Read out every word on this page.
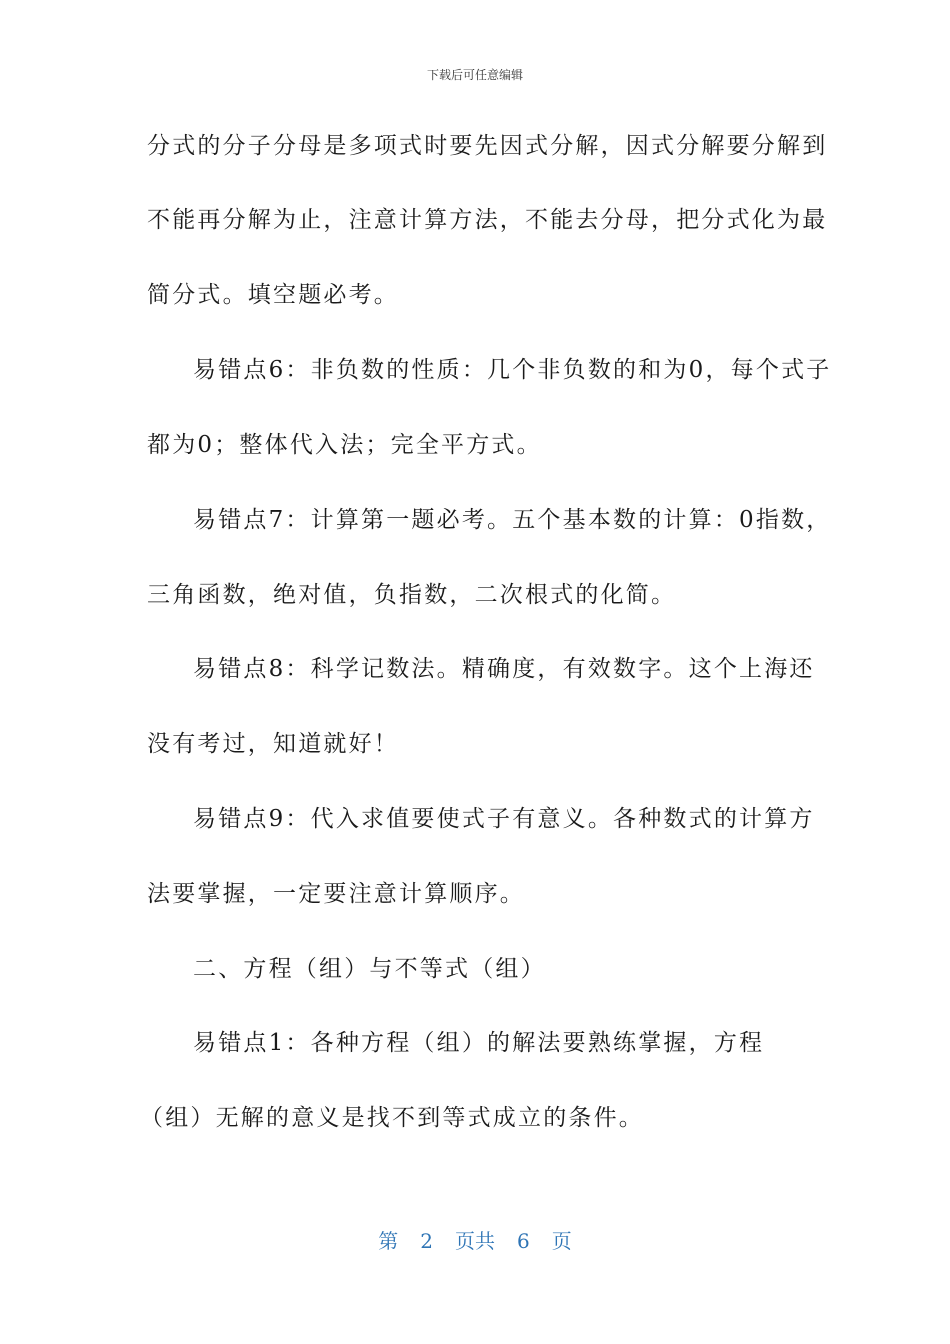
下载后可任意编辑
分式的分子分母是多项式时要先因式分解，因式分解要分解到
不能再分解为止，注意计算方法，不能去分母，把分式化为最
简分式。填空题必考。
易错点6：非负数的性质：几个非负数的和为0，每个式子
都为0；整体代入法；完全平方式。
易错点7：计算第一题必考。五个基本数的计算：0指数，
三角函数，绝对值，负指数，二次根式的化简。
易错点8：科学记数法。精确度，有效数字。这个上海还
没有考过，知道就好！
易错点9：代入求值要使式子有意义。各种数式的计算方
法要掌握，一定要注意计算顺序。
二、方程（组）与不等式（组）
易错点1：各种方程（组）的解法要熟练掌握，方程
（组）无解的意义是找不到等式成立的条件。
第 2 页共 6 页
